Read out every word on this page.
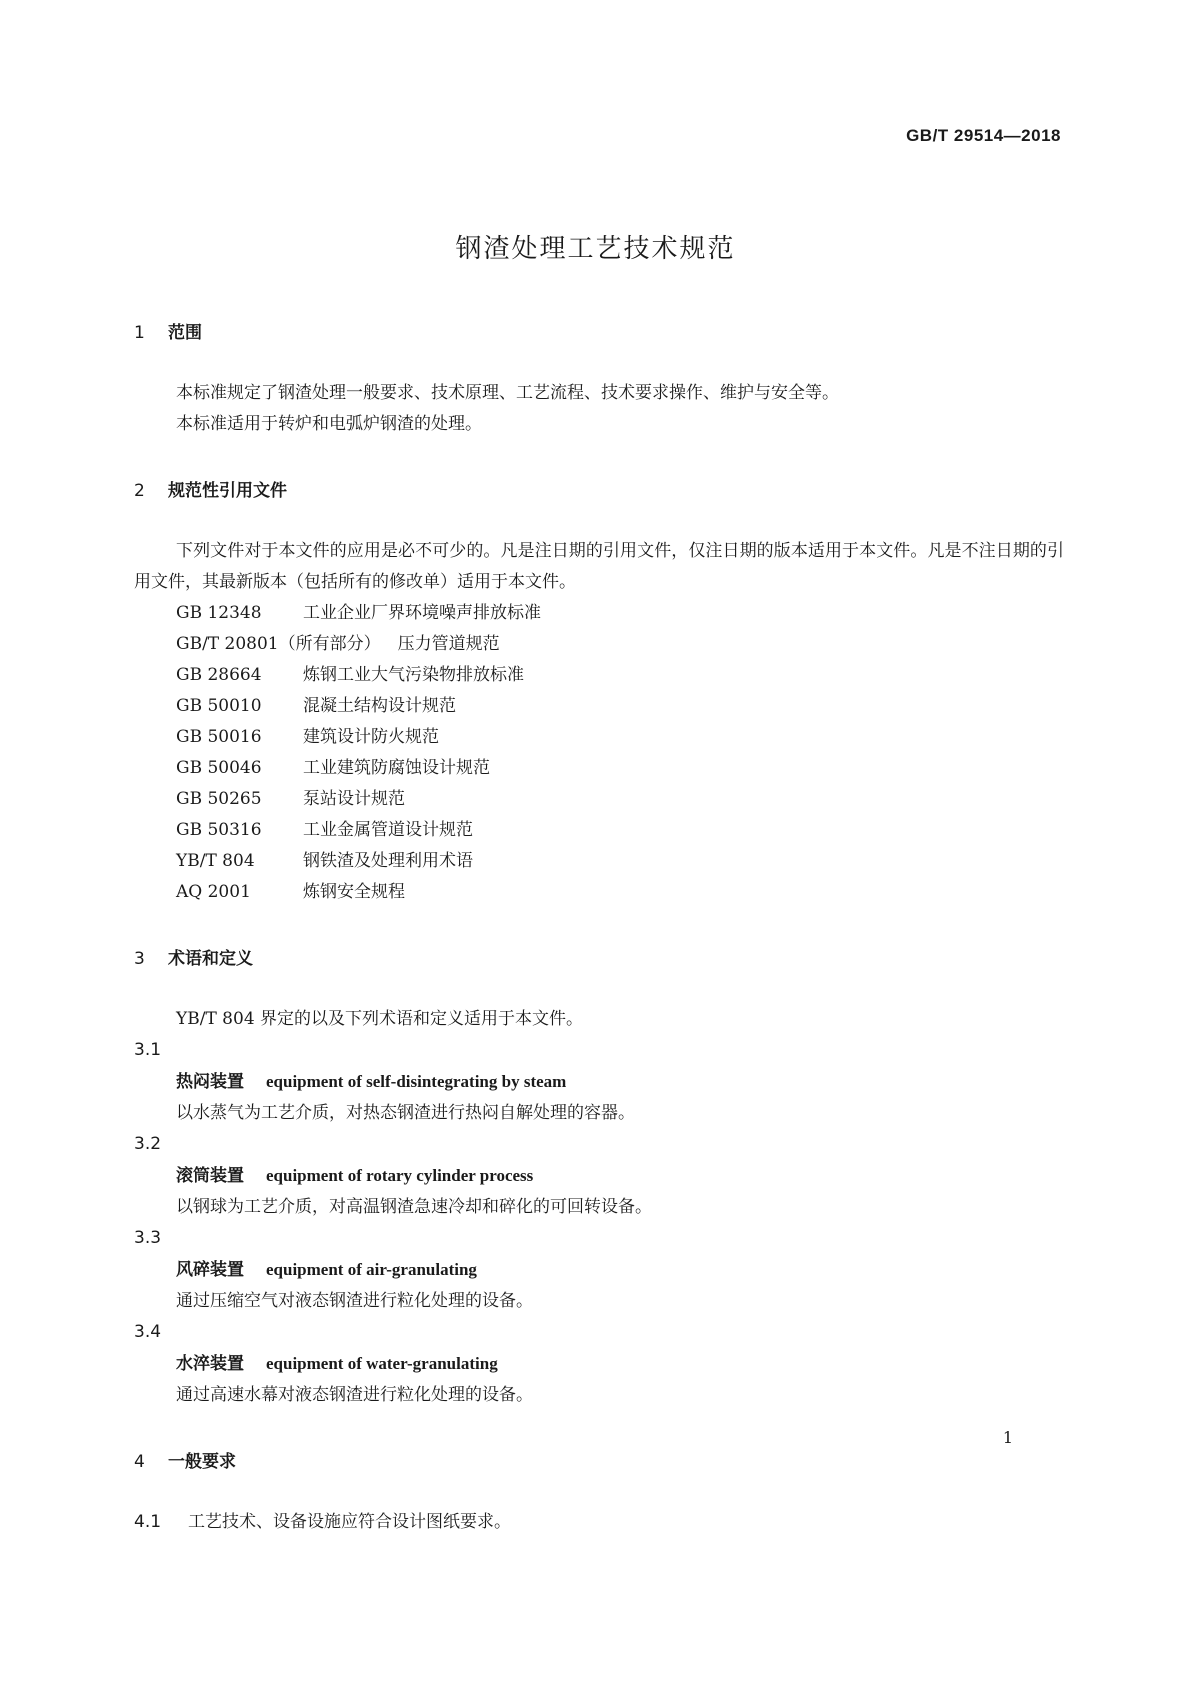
GB/T 29514—2018
钢渣处理工艺技术规范
1 范围
本标准规定了钢渣处理一般要求、技术原理、工艺流程、技术要求操作、维护与安全等。
本标准适用于转炉和电弧炉钢渣的处理。
2 规范性引用文件
下列文件对于本文件的应用是必不可少的。凡是注日期的引用文件，仅注日期的版本适用于本文件。凡是不注日期的引用文件，其最新版本（包括所有的修改单）适用于本文件。
GB 12348　 工业企业厂界环境噪声排放标准
GB/T 20801（所有部分）　 压力管道规范
GB 28664　 炼钢工业大气污染物排放标准
GB 50010　 混凝土结构设计规范
GB 50016　 建筑设计防火规范
GB 50046　 工业建筑防腐蚀设计规范
GB 50265　 泵站设计规范
GB 50316　 工业金属管道设计规范
YB/T 804　	钢铁渣及处理利用术语
AQ 2001　	炼钢安全规程
3 术语和定义
YB/T 804 界定的以及下列术语和定义适用于本文件。
3.1
热闷装置 equipment of self-disintegrating by steam
以水蒸气为工艺介质，对热态钢渣进行热闷自解处理的容器。
3.2
滚筒装置 equipment of rotary cylinder process
以钢球为工艺介质，对高温钢渣急速冷却和碎化的可回转设备。
3.3
风碎装置 equipment of air-granulating
通过压缩空气对液态钢渣进行粒化处理的设备。
3.4
水淬装置 equipment of water-granulating
通过高速水幕对液态钢渣进行粒化处理的设备。
4 一般要求
4.1 工艺技术、设备设施应符合设计图纸要求。
1
